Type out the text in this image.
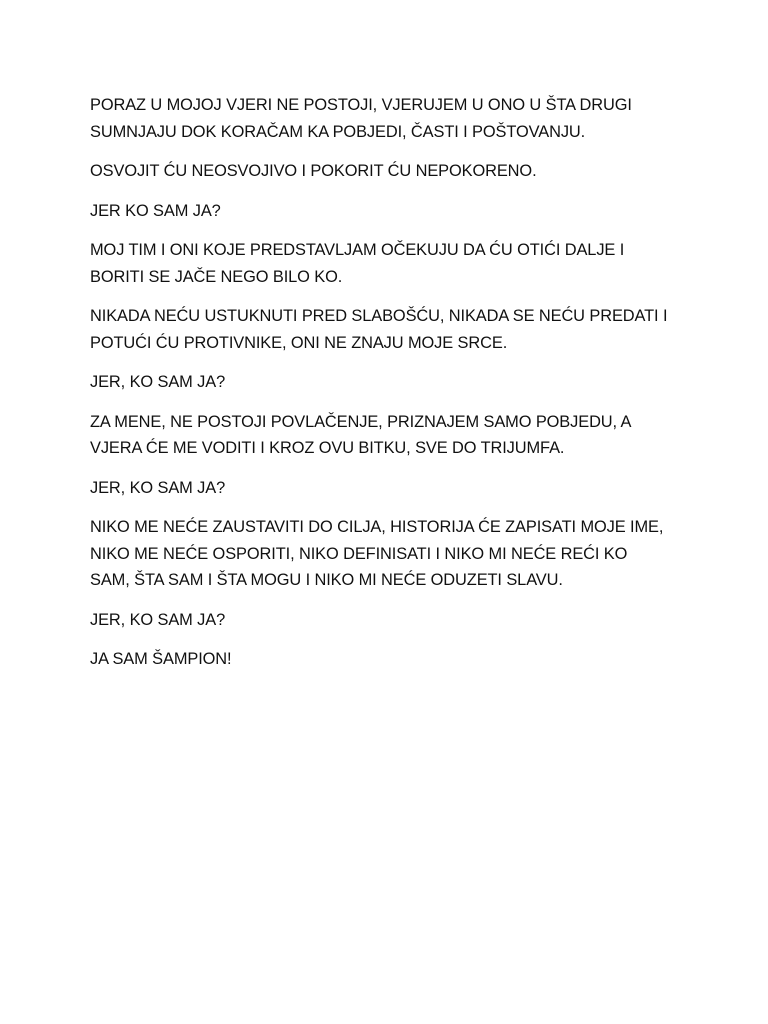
PORAZ U MOJOJ VJERI NE POSTOJI, VJERUJEM U ONO U ŠTA DRUGI
SUMNJAJU DOK KORAČAM KA POBJEDI, ČASTI I POŠTOVANJU.

OSVOJIT ĆU NEOSVOJIVO I POKORIT ĆU NEPOKORENO.

JER KO SAM JA?

MOJ TIM I ONI KOJE PREDSTAVLJAM OČEKUJU DA ĆU OTIĆI DALJE I
BORITI SE JAČE NEGO BILO KO.

NIKADA NEĆU USTUKNUTI PRED SLABOŠĆU, NIKADA SE NEĆU PREDATI I
POTUĆI ĆU PROTIVNIKE, ONI NE ZNAJU MOJE SRCE.

JER, KO SAM JA?

ZA MENE, NE POSTOJI POVLAČENJE, PRIZNAJEM SAMO POBJEDU, A
VJERA ĆE ME VODITI I KROZ OVU BITKU, SVE DO TRIJUMFA.

JER, KO SAM JA?

NIKO ME NEĆE ZAUSTAVITI DO CILJA, HISTORIJA ĆE ZAPISATI MOJE IME,
NIKO ME NEĆE OSPORITI, NIKO DEFINISATI I NIKO MI NEĆE REĆI KO
SAM, ŠTA SAM I ŠTA MOGU I NIKO MI NEĆE ODUZETI SLAVU.

JER, KO SAM JA?

JA SAM ŠAMPION!
